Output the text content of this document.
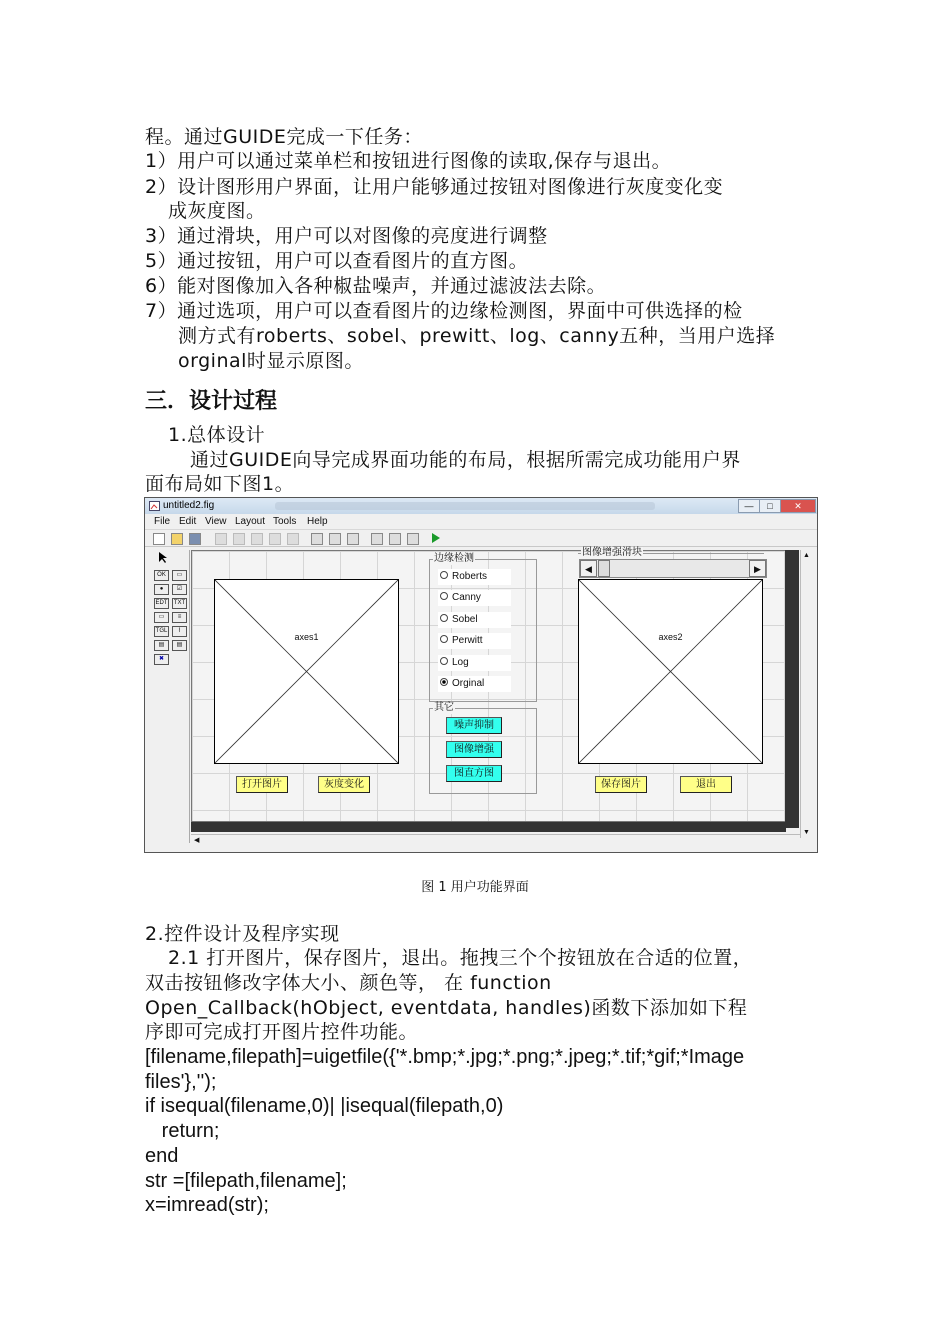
程。通过GUIDE完成一下任务：
1）用户可以通过菜单栏和按钮进行图像的读取,保存与退出。
2）设计图形用户界面，让用户能够通过按钮对图像进行灰度变化变
成灰度图。
3）通过滑块，用户可以对图像的亮度进行调整
5）通过按钮，用户可以查看图片的直方图。
6）能对图像加入各种椒盐噪声，并通过滤波法去除。
7）通过选项，用户可以查看图片的边缘检测图，界面中可供选择的检
测方式有roberts、sobel、prewitt、log、canny五种，当用户选择
orginal时显示原图。
三．设计过程
1.总体设计
通过GUIDE向导完成界面功能的布局，根据所需完成功能用户界
面布局如下图1。
untitled2.fig	—	□	✕
File Edit View Layout Tools Help
OK	▭
●	☑
EDT	TXT
▭	≡
TGL	⌇
▤	▤
✖
axes1	axes2
边缘检测
Roberts
Canny
Sobel
Perwitt
Log
Orginal
其它
噪声抑制
图像增强
图直方图
图像增强滑块
打开图片	灰度变化	保存图片	退出
◀	▶
▲
▼
◀
图 1 用户功能界面
2.控件设计及程序实现
2.1 打开图片，保存图片，退出。拖拽三个个按钮放在合适的位置，
双击按钮修改字体大小、颜色等， 在 function
Open_Callback(hObject, eventdata, handles)函数下添加如下程
序即可完成打开图片控件功能。
[filename,filepath]=uigetfile({'*.bmp;*.jpg;*.png;*.jpeg;*.tif;*gif;*Image
files'},'');
if isequal(filename,0)| |isequal(filepath,0)
return;
end
str =[filepath,filename];
x=imread(str);
